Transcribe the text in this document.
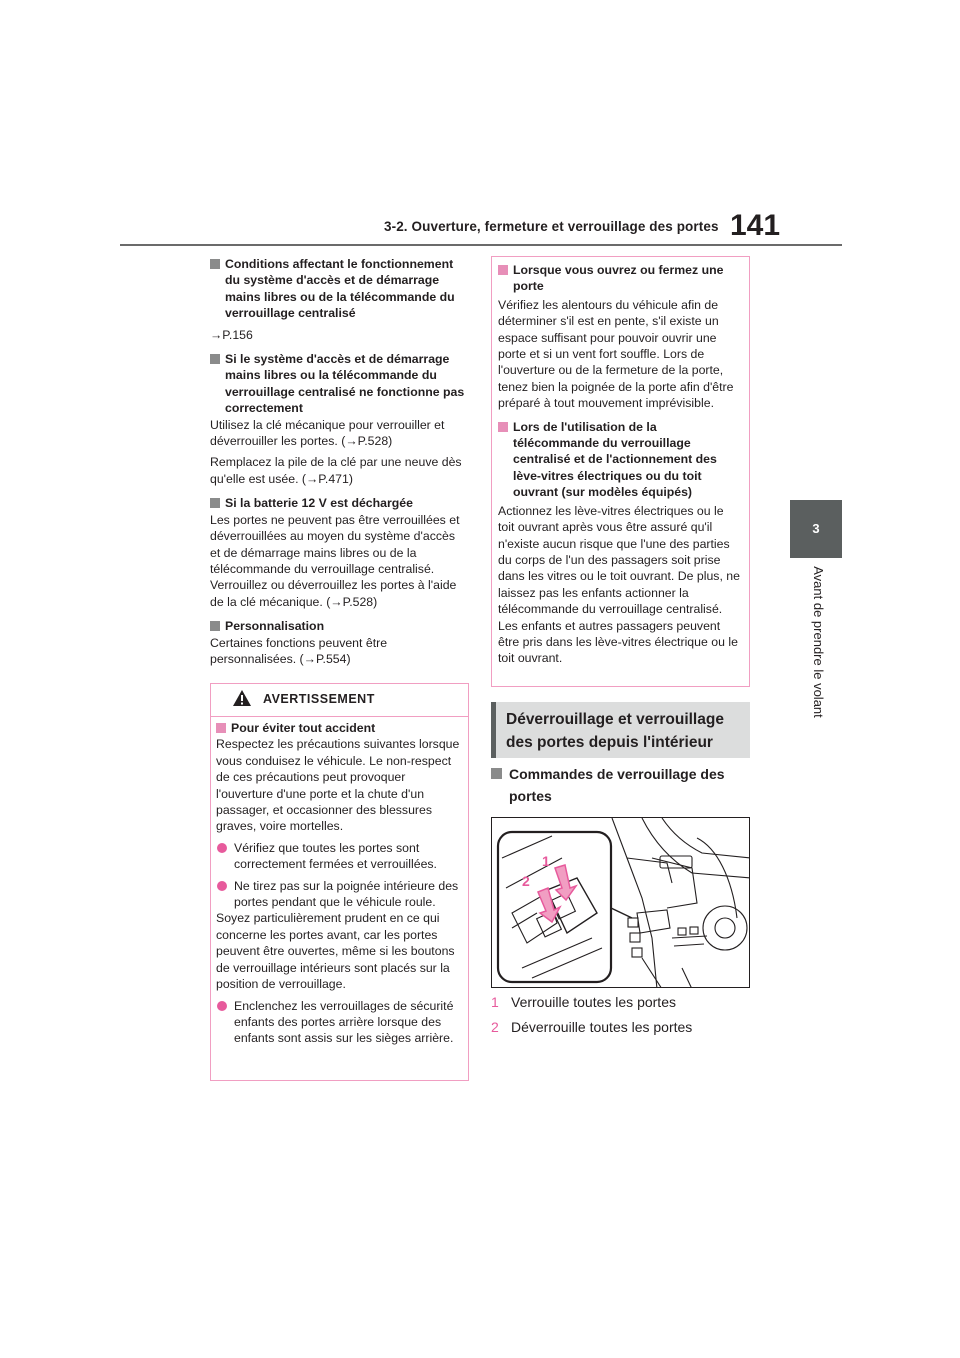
3-2. Ouverture, fermeture et verrouillage des portes 141
3
Avant de prendre le volant

Conditions affectant le fonctionnement du système d'accès et de démarrage mains libres ou de la télécommande du verrouillage centralisé

→P.156

Si le système d'accès et de démarrage mains libres ou la télécommande du verrouillage centralisé ne fonctionne pas correctement

Utilisez la clé mécanique pour verrouiller et déverrouiller les portes. (→P.528)

Remplacez la pile de la clé par une neuve dès qu'elle est usée. (→P.471)

Si la batterie 12 V est déchargée

Les portes ne peuvent pas être verrouillées et déverrouillées au moyen du système d'accès et de démarrage mains libres ou de la télécommande du verrouillage centralisé. Verrouillez ou déverrouillez les portes à l'aide de la clé mécanique. (→P.528)

Personnalisation

Certaines fonctions peuvent être personnalisées. (→P.554)

AVERTISSEMENT

Pour éviter tout accident

Respectez les précautions suivantes lorsque vous conduisez le véhicule. Le non-respect de ces précautions peut provoquer l'ouverture d'une porte et la chute d'un passager, et occasionner des blessures graves, voire mortelles.

Vérifiez que toutes les portes sont correctement fermées et verrouillées.

Ne tirez pas sur la poignée intérieure des portes pendant que le véhicule roule.

Soyez particulièrement prudent en ce qui concerne les portes avant, car les portes peuvent être ouvertes, même si les boutons de verrouillage intérieurs sont placés sur la position de verrouillage.

Enclenchez les verrouillages de sécurité enfants des portes arrière lorsque des enfants sont assis sur les sièges arrière.

Lorsque vous ouvrez ou fermez une porte

Vérifiez les alentours du véhicule afin de déterminer s'il est en pente, s'il existe un espace suffisant pour pouvoir ouvrir une porte et si un vent fort souffle. Lors de l'ouverture ou de la fermeture de la porte, tenez bien la poignée de la porte afin d'être préparé à tout mouvement imprévisible.

Lors de l'utilisation de la télécommande du verrouillage centralisé et de l'actionnement des lève-vitres électriques ou du toit ouvrant (sur modèles équipés)

Actionnez les lève-vitres électriques ou le toit ouvrant après vous être assuré qu'il n'existe aucun risque que l'une des parties du corps de l'un des passagers soit prise dans les vitres ou le toit ouvrant. De plus, ne laissez pas les enfants actionner la télécommande du verrouillage centralisé. Les enfants et autres passagers peuvent être pris dans les lève-vitres électrique ou le toit ouvrant.

Déverrouillage et verrouillage des portes depuis l'intérieur
Commandes de verrouillage des portes
1
2
1 Verrouille toutes les portes
2 Déverrouille toutes les portes
